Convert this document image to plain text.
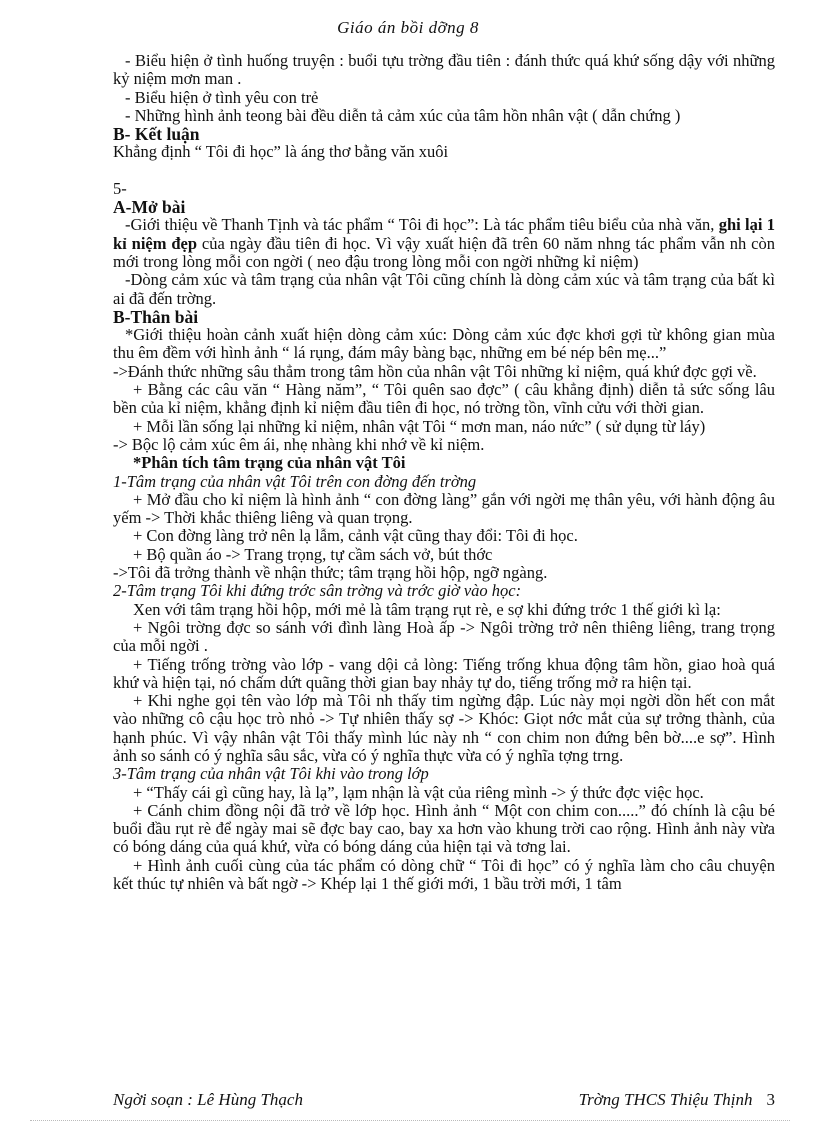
Giáo án bồi dỡng 8

- Biểu hiện ở tình huống truyện : buổi tựu trờng đầu tiên : đánh thức quá khứ sống dậy với những kỷ niệm mơn man .

- Biểu hiện ở tình yêu con trẻ

- Những hình ảnh teong bài đều diễn tả cảm xúc của tâm hồn nhân vật ( dẫn chứng )

B- Kết luận

Khẳng định “ Tôi đi học” là áng thơ bằng văn xuôi

5-

A-Mở bài

-Giới thiệu về Thanh Tịnh và tác phẩm “ Tôi đi học”: Là tác phẩm tiêu biểu của nhà văn, ghi lại 1 kỉ niệm đẹp của ngày đầu tiên đi học. Vì vậy xuất hiện đã trên 60 năm nhng tác phẩm vẫn nh còn mới trong lòng mỗi con ngời ( neo đậu trong lòng mỗi con ngời những kỉ niệm)

-Dòng cảm xúc và tâm trạng của nhân vật Tôi cũng chính là dòng cảm xúc và tâm trạng của bất kì ai đã đến trờng.

B-Thân bài

*Giới thiệu hoàn cảnh xuất hiện dòng cảm xúc: Dòng cảm xúc đợc khơi gợi từ không gian mùa thu êm đềm với hình ảnh “ lá rụng, đám mây bàng bạc, những em bé nép bên mẹ...”

->Đánh thức những sâu thẳm trong tâm hồn của nhân vật Tôi những kỉ niệm, quá khứ đợc gợi về.

+ Bằng các câu văn “ Hàng năm”, “ Tôi quên sao đợc” ( câu khẳng định) diễn tả sức sống lâu bền của kỉ niệm, khẳng định kỉ niệm đầu tiên đi học, nó trờng tồn, vĩnh cửu với thời gian.

+ Mỗi lần sống lại những kỉ niệm, nhân vật Tôi “ mơn man, náo nức” ( sử dụng từ láy)

-> Bộc lộ cảm xúc êm ái, nhẹ nhàng khi nhớ về kỉ niệm.

*Phân tích tâm trạng của nhân vật Tôi

1-Tâm trạng của nhân vật Tôi trên con đờng đến trờng

+ Mở đầu cho kỉ niệm là hình ảnh “ con đờng làng” gắn với ngời mẹ thân yêu, với hành động âu yếm -> Thời khắc thiêng liêng và quan trọng.

+ Con đờng làng trở nên lạ lẫm, cảnh vật cũng thay đổi: Tôi đi học.

+ Bộ quần áo -> Trang trọng, tự cầm sách vở, bút thớc

->Tôi đã trởng thành về nhận thức; tâm trạng hồi hộp, ngỡ ngàng.

2-Tâm trạng Tôi khi đứng trớc sân trờng và trớc giờ vào học:

Xen với tâm trạng hồi hộp, mới mẻ là tâm trạng rụt rè, e sợ khi đứng trớc 1 thế giới kì lạ:

+ Ngôi trờng đợc so sánh với đình làng Hoà ấp -> Ngôi trờng trở nên thiêng liêng, trang trọng của mỗi ngời .

+ Tiếng trống trờng vào lớp - vang dội cả lòng: Tiếng trống khua động tâm hồn, giao hoà quá khứ và hiện tại, nó chấm dứt quãng thời gian bay nhảy tự do, tiếng trống mở ra hiện tại.

+ Khi nghe gọi tên vào lớp mà Tôi nh thấy tim ngừng đập. Lúc này mọi ngời dồn hết con mắt vào những cô cậu học trò nhỏ -> Tự nhiên thấy sợ -> Khóc: Giọt nớc mắt của sự trởng thành, của hạnh phúc. Vì vậy nhân vật Tôi thấy mình lúc này nh “ con chim non đứng bên bờ....e sợ”. Hình ảnh so sánh có ý nghĩa sâu sắc, vừa có ý nghĩa thực vừa có ý nghĩa tợng trng.

3-Tâm trạng của nhân vật Tôi khi vào trong lớp

+ “Thấy cái gì cũng hay, là lạ”, lạm nhận là vật của riêng mình -> ý thức đợc việc học.

+ Cánh chim đồng nội đã trở về lớp học. Hình ảnh “ Một con chim con.....” đó chính là cậu bé buổi đầu rụt rè để ngày mai sẽ đợc bay cao, bay xa hơn vào khung trời cao rộng. Hình ảnh này vừa có bóng dáng của quá khứ, vừa có bóng dáng của hiện tại và tơng lai.

+ Hình ảnh cuối cùng của tác phẩm có dòng chữ “ Tôi đi học” có ý nghĩa làm cho câu chuyện kết thúc tự nhiên và bất ngờ -> Khép lại 1 thế giới mới, 1 bầu trời mới, 1 tâm

Ngời soạn : Lê Hùng Thạch	Trờng THCS Thiệu Thịnh 3
